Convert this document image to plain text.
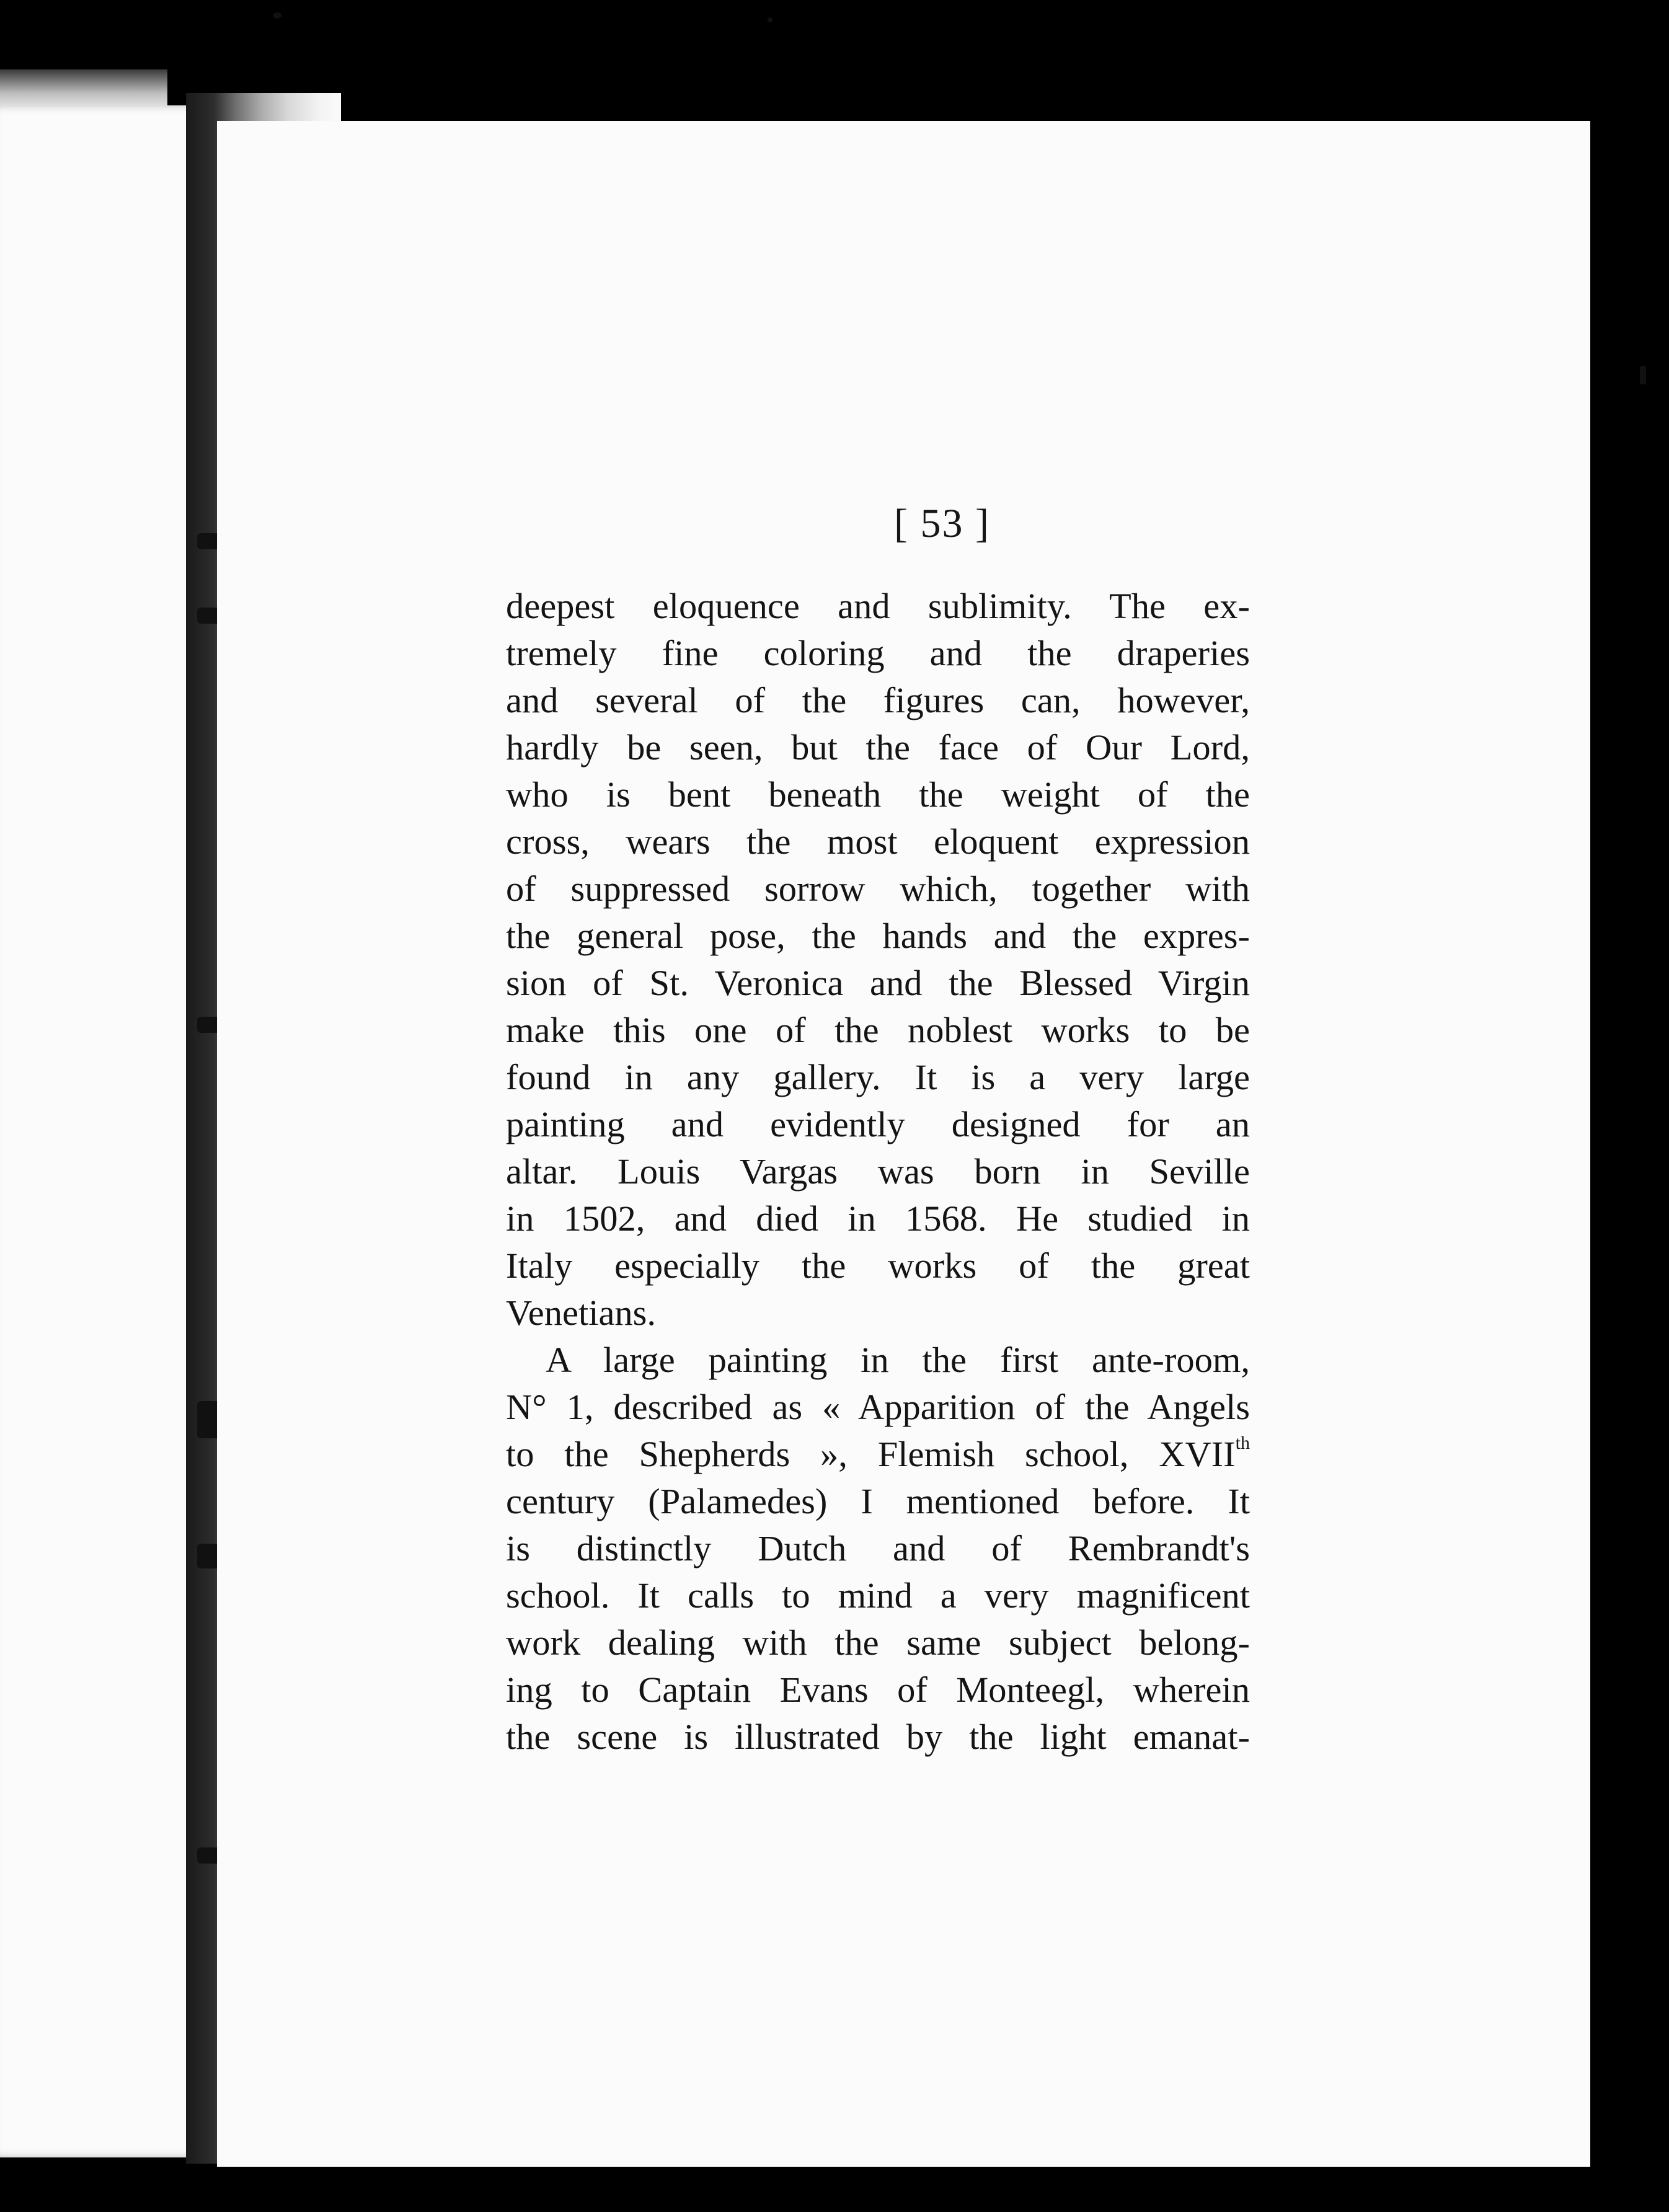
[ 53 ]
deepest eloquence and sublimity. The ex-
tremely fine coloring and the draperies
and several of the figures can, however,
hardly be seen, but the face of Our Lord,
who is bent beneath the weight of the
cross, wears the most eloquent expression
of suppressed sorrow which, together with
the general pose, the hands and the expres-
sion of St. Veronica and the Blessed Virgin
make this one of the noblest works to be
found in any gallery. It is a very large
painting and evidently designed for an
altar. Louis Vargas was born in Seville
in 1502, and died in 1568. He studied in
Italy especially the works of the great
Venetians.
A large painting in the first ante-room,
N° 1, described as « Apparition of the Angels
to the Shepherds », Flemish school, XVIIth
century (Palamedes) I mentioned before. It
is distinctly Dutch and of Rembrandt's
school. It calls to mind a very magnificent
work dealing with the same subject belong-
ing to Captain Evans of Monteegl, wherein
the scene is illustrated by the light emanat-
